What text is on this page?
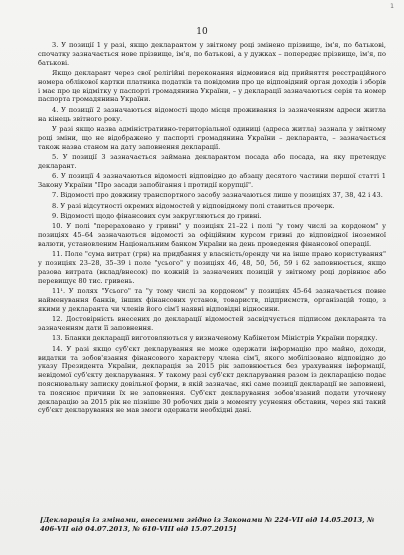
1
10

3. У позиції 1 у разі, якщо декларантом у звітному році змінено прізвище, ім'я, по батькові, спочатку зазначається нове прізвище, ім'я, по батькові, а у дужках – попереднє прізвище, ім'я, по батькові.

Якщо декларант через свої релігійні переконання відмовився від прийняття реєстраційного номера облікової картки платника податків та повідомив про це відповідний орган доходів і зборів і має про це відмітку у паспорті громадянина України, – у декларації зазначаються серія та номер паспорта громадянина України.

4. У позиції 2 зазначаються відомості щодо місця проживання із зазначенням адреси житла на кінець звітного року.

У разі якщо назва адміністративно-територіальної одиниці (адреса житла) зазнала у звітному році зміни, що не відображено у паспорті громадянина України – декларанта, – зазначається також назва станом на дату заповнення декларації.

5. У позиції 3 зазначається займана декларантом посада або посада, на яку претендує декларант.

6. У позиції 4 зазначаються відомості відповідно до абзацу десятого частини першої статті 1 Закону України "Про засади запобігання і протидії корупції".

7. Відомості про довжину транспортного засобу зазначаються лише у позиціях 37, 38, 42 і 43.

8. У разі відсутності окремих відомостей у відповідному полі ставиться прочерк.

9. Відомості щодо фінансових сум закругляються до гривні.

10. У полі "перераховано у гривні" у позиціях 21–22 і полі "у тому числі за кордоном" у позиціях 45–64 зазначаються відомості за офіційним курсом гривні до відповідної іноземної валюти, установленим Національним банком України на день проведення фінансової операції.

11. Поле "сума витрат (грн) на придбання у власність/оренду чи на інше право користування" у позиціях 23–28, 35–39 і поле "усього" у позиціях 46, 48, 50, 56, 59 і 62 заповнюється, якщо разова витрата (вклад/внесок) по кожній із зазначених позицій у звітному році дорівнює або перевищує 80 тис. гривень.

11¹. У полях "Усього" та "у тому числі за кордоном" у позиціях 45-64 зазначається повне найменування банків, інших фінансових установ, товариств, підприємств, організацій тощо, з якими у декларанта чи членів його сім'ї наявні відповідні відносини.

12. Достовірність внесених до декларації відомостей засвідчується підписом декларанта та зазначенням дати її заповнення.

13. Бланки декларації виготовляються у визначеному Кабінетом Міністрів України порядку.

14. У разі якщо суб'єкт декларування не може одержати інформацію про майно, доходи, видатки та зобов'язання фінансового характеру члена сім'ї, якого мобілізовано відповідно до указу Президента України, декларація за 2015 рік заповнюється без урахування інформації, невідомої суб'єкту декларування. У такому разі суб'єкт декларування разом із декларацією подає пояснювальну записку довільної форми, в якій зазначає, які саме позиції декларації не заповнені, та пояснює причини їх не заповнення. Суб'єкт декларування зобов'язаний подати уточнену декларацію за 2015 рік не пізніше 30 робочих днів з моменту усунення обставин, через які такий суб'єкт декларування не мав змоги одержати необхідні дані.

[Декларація із змінами, внесеними згідно із Законами № 224-VII від 14.05.2013, № 406-VII від 04.07.2013, № 610-VIII від 15.07.2015]
